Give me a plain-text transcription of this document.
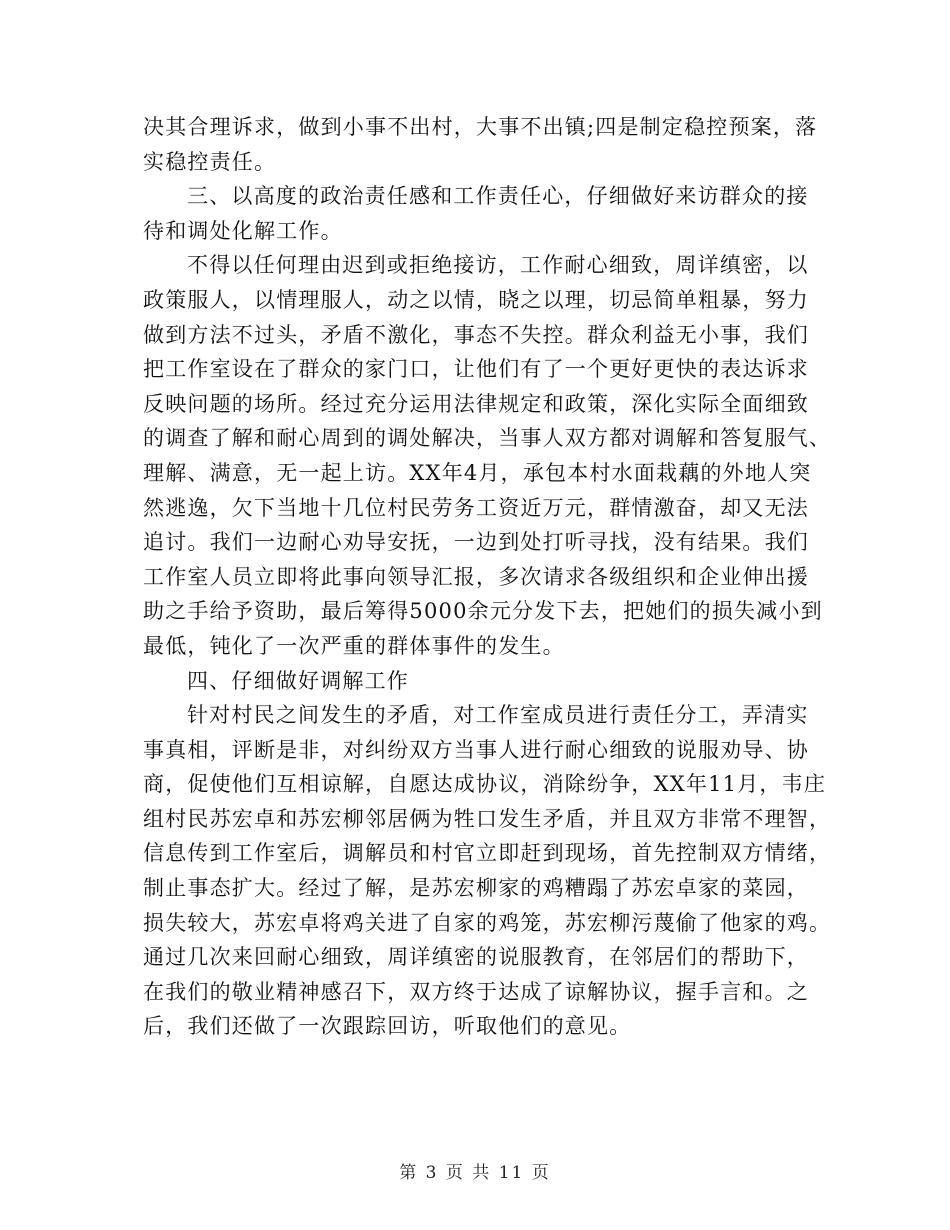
决其合理诉求，做到小事不出村，大事不出镇;四是制定稳控预案，落
实稳控责任。
三、以高度的政治责任感和工作责任心，仔细做好来访群众的接
待和调处化解工作。
不得以任何理由迟到或拒绝接访，工作耐心细致，周详缜密，以
政策服人，以情理服人，动之以情，晓之以理，切忌简单粗暴，努力
做到方法不过头，矛盾不激化，事态不失控。群众利益无小事，我们
把工作室设在了群众的家门口，让他们有了一个更好更快的表达诉求
反映问题的场所。经过充分运用法律规定和政策，深化实际全面细致
的调查了解和耐心周到的调处解决，当事人双方都对调解和答复服气、
理解、满意，无一起上访。XX年4月，承包本村水面栽藕的外地人突
然逃逸，欠下当地十几位村民劳务工资近万元，群情激奋，却又无法
追讨。我们一边耐心劝导安抚，一边到处打听寻找，没有结果。我们
工作室人员立即将此事向领导汇报，多次请求各级组织和企业伸出援
助之手给予资助，最后筹得5000余元分发下去，把她们的损失减小到
最低，钝化了一次严重的群体事件的发生。
四、仔细做好调解工作
针对村民之间发生的矛盾，对工作室成员进行责任分工，弄清实
事真相，评断是非，对纠纷双方当事人进行耐心细致的说服劝导、协
商，促使他们互相谅解，自愿达成协议，消除纷争，XX年11月，韦庄
组村民苏宏卓和苏宏柳邻居俩为牲口发生矛盾，并且双方非常不理智，
信息传到工作室后，调解员和村官立即赶到现场，首先控制双方情绪，
制止事态扩大。经过了解，是苏宏柳家的鸡糟蹋了苏宏卓家的菜园，
损失较大，苏宏卓将鸡关进了自家的鸡笼，苏宏柳污蔑偷了他家的鸡。
通过几次来回耐心细致，周详缜密的说服教育，在邻居们的帮助下，
在我们的敬业精神感召下，双方终于达成了谅解协议，握手言和。之
后，我们还做了一次跟踪回访，听取他们的意见。
第 3 页 共 11 页
